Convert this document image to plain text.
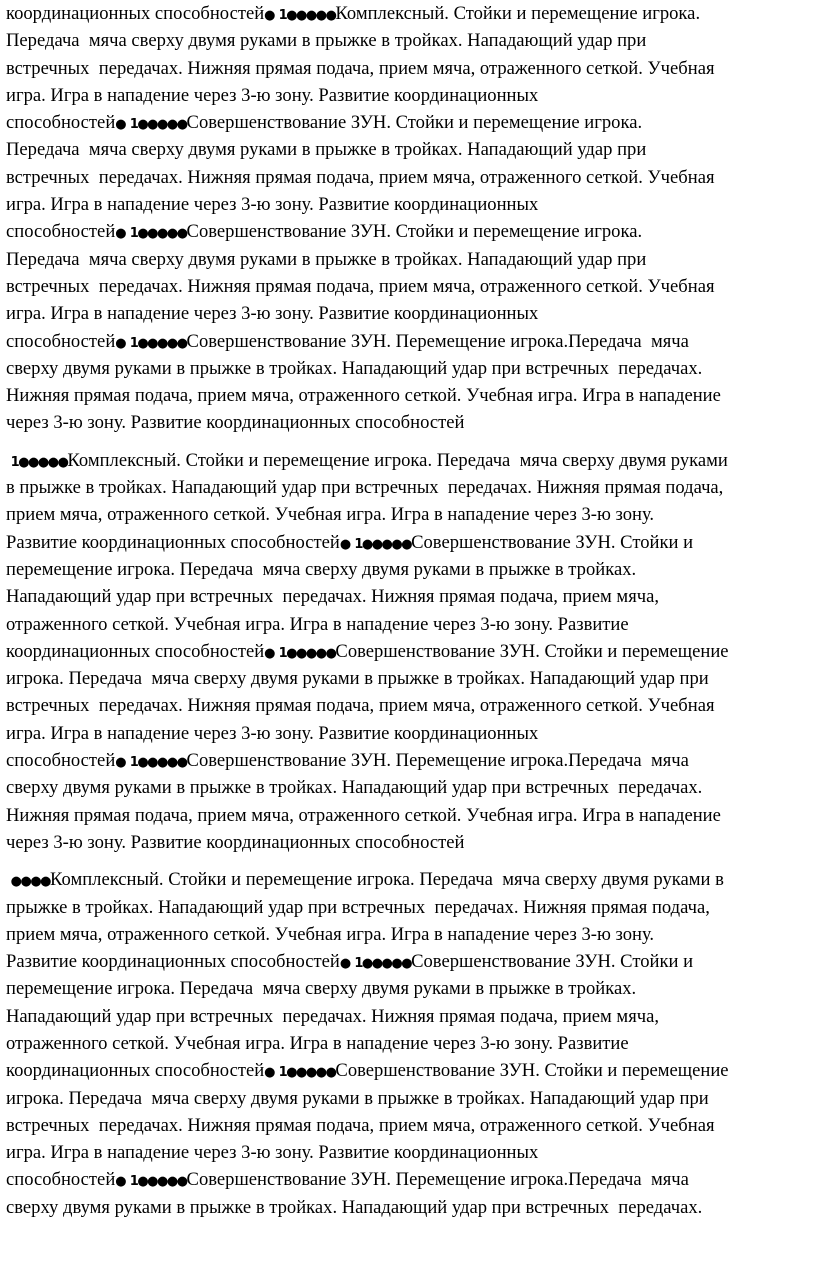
координационных способностей● 1●●●●●Комплексный. Стойки и перемещение игрока.
Передача  мяча сверху двумя руками в прыжке в тройках. Нападающий удар при
встречных  передачах. Нижняя прямая подача, прием мяча, отраженного сеткой. Учебная
игра. Игра в нападение через 3-ю зону. Развитие координационных
способностей● 1●●●●●Совершенствование ЗУН. Стойки и перемещение игрока.
Передача  мяча сверху двумя руками в прыжке в тройках. Нападающий удар при
встречных  передачах. Нижняя прямая подача, прием мяча, отраженного сеткой. Учебная
игра. Игра в нападение через 3-ю зону. Развитие координационных
способностей● 1●●●●●Совершенствование ЗУН. Стойки и перемещение игрока.
Передача  мяча сверху двумя руками в прыжке в тройках. Нападающий удар при
встречных  передачах. Нижняя прямая подача, прием мяча, отраженного сеткой. Учебная
игра. Игра в нападение через 3-ю зону. Развитие координационных
способностей● 1●●●●●Совершенствование ЗУН. Перемещение игрока.Передача  мяча
сверху двумя руками в прыжке в тройках. Нападающий удар при встречных  передачах.
Нижняя прямая подача, прием мяча, отраженного сеткой. Учебная игра. Игра в нападение
через 3-ю зону. Развитие координационных способностей
1●●●●●Комплексный. Стойки и перемещение игрока. Передача  мяча сверху двумя руками
в прыжке в тройках. Нападающий удар при встречных  передачах. Нижняя прямая подача,
прием мяча, отраженного сеткой. Учебная игра. Игра в нападение через 3-ю зону.
Развитие координационных способностей● 1●●●●●Совершенствование ЗУН. Стойки и
перемещение игрока. Передача  мяча сверху двумя руками в прыжке в тройках.
Нападающий удар при встречных  передачах. Нижняя прямая подача, прием мяча,
отраженного сеткой. Учебная игра. Игра в нападение через 3-ю зону. Развитие
координационных способностей● 1●●●●●Совершенствование ЗУН. Стойки и перемещение
игрока. Передача  мяча сверху двумя руками в прыжке в тройках. Нападающий удар при
встречных  передачах. Нижняя прямая подача, прием мяча, отраженного сеткой. Учебная
игра. Игра в нападение через 3-ю зону. Развитие координационных
способностей● 1●●●●●Совершенствование ЗУН. Перемещение игрока.Передача  мяча
сверху двумя руками в прыжке в тройках. Нападающий удар при встречных  передачах.
Нижняя прямая подача, прием мяча, отраженного сеткой. Учебная игра. Игра в нападение
через 3-ю зону. Развитие координационных способностей
●●●●Комплексный. Стойки и перемещение игрока. Передача  мяча сверху двумя руками в
прыжке в тройках. Нападающий удар при встречных  передачах. Нижняя прямая подача,
прием мяча, отраженного сеткой. Учебная игра. Игра в нападение через 3-ю зону.
Развитие координационных способностей● 1●●●●●Совершенствование ЗУН. Стойки и
перемещение игрока. Передача  мяча сверху двумя руками в прыжке в тройках.
Нападающий удар при встречных  передачах. Нижняя прямая подача, прием мяча,
отраженного сеткой. Учебная игра. Игра в нападение через 3-ю зону. Развитие
координационных способностей● 1●●●●●Совершенствование ЗУН. Стойки и перемещение
игрока. Передача  мяча сверху двумя руками в прыжке в тройках. Нападающий удар при
встречных  передачах. Нижняя прямая подача, прием мяча, отраженного сеткой. Учебная
игра. Игра в нападение через 3-ю зону. Развитие координационных
способностей● 1●●●●●Совершенствование ЗУН. Перемещение игрока.Передача  мяча
сверху двумя руками в прыжке в тройках. Нападающий удар при встречных  передачах.
